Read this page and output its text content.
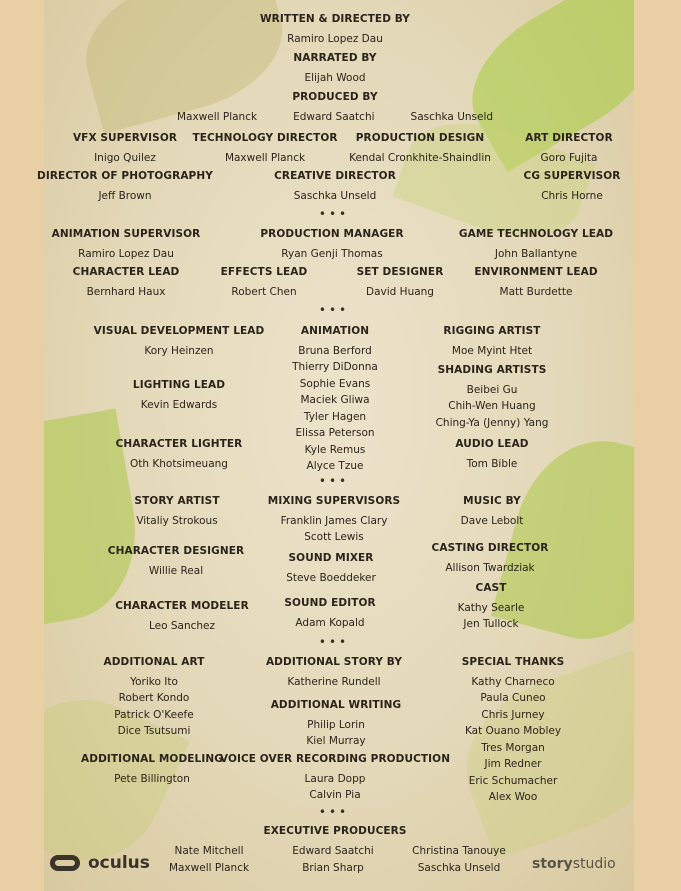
WRITTEN & DIRECTED BY
Ramiro Lopez Dau
NARRATED BY
Elijah Wood
PRODUCED BY
Maxwell Planck	Edward Saatchi	Saschka Unseld
VFX SUPERVISOR
Inigo Quilez
TECHNOLOGY DIRECTOR
Maxwell Planck
PRODUCTION DESIGN
Kendal Cronkhite-Shaindlin
ART DIRECTOR
Goro Fujita
DIRECTOR OF PHOTOGRAPHY
Jeff Brown
CREATIVE DIRECTOR
Saschka Unseld
CG SUPERVISOR
Chris Horne
•••
ANIMATION SUPERVISOR
Ramiro Lopez Dau
PRODUCTION MANAGER
Ryan Genji Thomas
GAME TECHNOLOGY LEAD
John Ballantyne
CHARACTER LEAD
Bernhard Haux
EFFECTS LEAD
Robert Chen
SET DESIGNER
David Huang
ENVIRONMENT LEAD
Matt Burdette
•••
VISUAL DEVELOPMENT LEAD
Kory Heinzen
ANIMATION
Bruna Berford
Thierry DiDonna
Sophie Evans
Maciek Gliwa
Tyler Hagen
Elissa Peterson
Kyle Remus
Alyce Tzue
RIGGING ARTIST
Moe Myint Htet
LIGHTING LEAD
Kevin Edwards
SHADING ARTISTS
Beibei Gu
Chih-Wen Huang
Ching-Ya (Jenny) Yang
CHARACTER LIGHTER
Oth Khotsimeuang
AUDIO LEAD
Tom Bible
•••
STORY ARTIST
Vitaliy Strokous
MIXING SUPERVISORS
Franklin James Clary
Scott Lewis
MUSIC BY
Dave Lebolt
CHARACTER DESIGNER
Willie Real
SOUND MIXER
Steve Boeddeker
CASTING DIRECTOR
Allison Twardziak
CAST
Kathy Searle
Jen Tullock
CHARACTER MODELER
Leo Sanchez
SOUND EDITOR
Adam Kopald
•••
ADDITIONAL ART
Yoriko Ito
Robert Kondo
Patrick O'Keefe
Dice Tsutsumi
ADDITIONAL STORY BY
Katherine Rundell
SPECIAL THANKS
Kathy Charneco
Paula Cuneo
Chris Jurney
Kat Ouano Mobley
Tres Morgan
Jim Redner
Eric Schumacher
Alex Woo
ADDITIONAL WRITING
Philip Lorin
Kiel Murray
ADDITIONAL MODELING
Pete Billington
VOICE OVER RECORDING PRODUCTION
Laura Dopp
Calvin Pia
•••
EXECUTIVE PRODUCERS
Nate Mitchell
Maxwell Planck
Edward Saatchi
Brian Sharp
Christina Tanouye
Saschka Unseld
oculus	storystudio
